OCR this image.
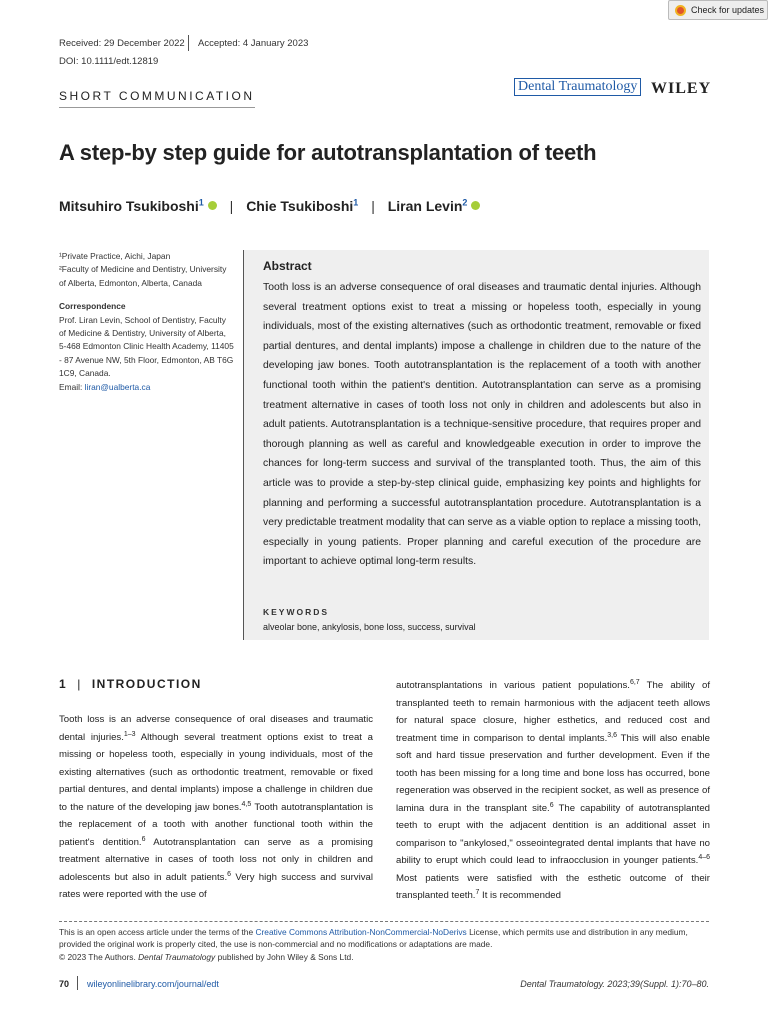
Check for updates
Received: 29 December 2022 Accepted: 4 January 2023
DOI: 10.1111/edt.12819
SHORT COMMUNICATION
Dental Traumatology WILEY
A step-by step guide for autotransplantation of teeth
Mitsuhiro Tsukiboshi$^1$ | Chie Tsukiboshi$^1$ | Liran Levin$^2$

¹Private Practice, Aichi, Japan

²Faculty of Medicine and Dentistry, University of Alberta, Edmonton, Alberta, Canada

Correspondence
Prof. Liran Levin, School of Dentistry, Faculty of Medicine & Dentistry, University of Alberta, 5-468 Edmonton Clinic Health Academy, 11405 - 87 Avenue NW, 5th Floor, Edmonton, AB T6G 1C9, Canada.
Email: liran@ualberta.ca
Abstract
Tooth loss is an adverse consequence of oral diseases and traumatic dental injuries. Although several treatment options exist to treat a missing or hopeless tooth, especially in young individuals, most of the existing alternatives (such as orthodontic treatment, removable or fixed partial dentures, and dental implants) impose a challenge in children due to the nature of the developing jaw bones. Tooth autotransplantation is the replacement of a tooth with another functional tooth within the patient's dentition. Autotransplantation can serve as a promising treatment alternative in cases of tooth loss not only in children and adolescents but also in adult patients. Autotransplantation is a technique-sensitive procedure, that requires proper and thorough planning as well as careful and knowledgeable execution in order to improve the chances for long-term success and survival of the transplanted tooth. Thus, the aim of this article was to provide a step-by-step clinical guide, emphasizing key points and highlights for planning and performing a successful autotransplantation procedure. Autotransplantation is a very predictable treatment modality that can serve as a viable option to replace a missing tooth, especially in young patients. Proper planning and careful execution of the procedure are important to achieve optimal long-term results.
KEYWORDS
alveolar bone, ankylosis, bone loss, success, survival
1 | INTRODUCTION
Tooth loss is an adverse consequence of oral diseases and traumatic dental injuries.$^{1-3}$ Although several treatment options exist to treat a missing or hopeless tooth, especially in young individuals, most of the existing alternatives (such as orthodontic treatment, removable or fixed partial dentures, and dental implants) impose a challenge in children due to the nature of the developing jaw bones.$^{4,5}$ Tooth autotransplantation is the replacement of a tooth with another functional tooth within the patient's dentition.$^6$ Autotransplantation can serve as a promising treatment alternative in cases of tooth loss not only in children and adolescents but also in adult patients.$^6$ Very high success and survival rates were reported with the use of
autotransplantations in various patient populations.$^{6,7}$ The ability of transplanted teeth to remain harmonious with the adjacent teeth allows for natural space closure, higher esthetics, and reduced cost and treatment time in comparison to dental implants.$^{3,6}$ This will also enable soft and hard tissue preservation and further development. Even if the tooth has been missing for a long time and bone loss has occurred, bone regeneration was observed in the recipient socket, as well as presence of lamina dura in the transplant site.$^6$ The capability of autotransplanted teeth to erupt with the adjacent dentition is an additional asset in comparison to "ankylosed," osseointegrated dental implants that have no ability to erupt which could lead to infraocclusion in younger patients.$^{4-6}$ Most patients were satisfied with the esthetic outcome of their transplanted teeth.$^7$ It is recommended
This is an open access article under the terms of the Creative Commons Attribution-NonCommercial-NoDerivs License, which permits use and distribution in any medium, provided the original work is properly cited, the use is non-commercial and no modifications or adaptations are made.
© 2023 The Authors. Dental Traumatology published by John Wiley & Sons Ltd.
70 wileyonlinelibrary.com/journal/edt	Dental Traumatology. 2023;39(Suppl. 1):70–80.
